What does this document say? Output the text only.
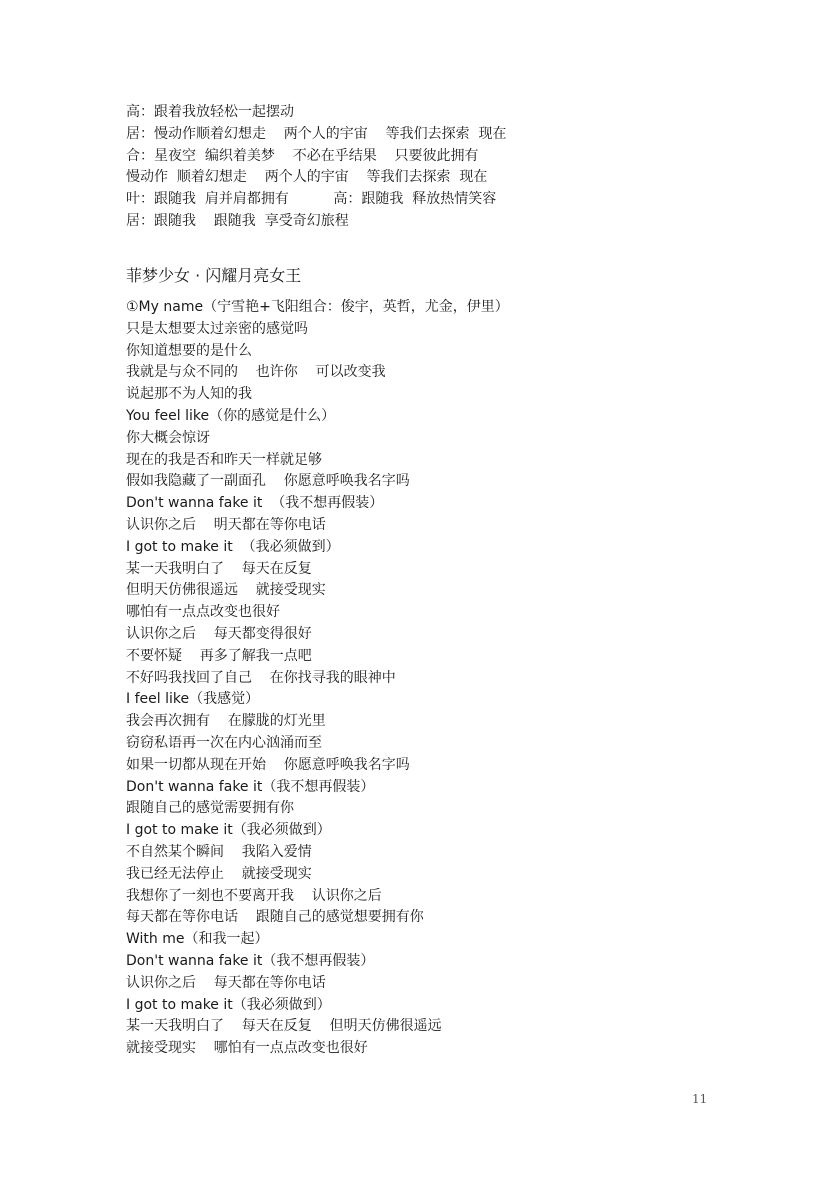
高：跟着我放轻松一起摆动
居：慢动作顺着幻想走    两个人的宇宙    等我们去探索  现在
合：星夜空  编织着美梦    不必在乎结果    只要彼此拥有
慢动作  顺着幻想走    两个人的宇宙    等我们去探索  现在
叶：跟随我  肩并肩都拥有          高：跟随我  释放热情笑容
居：跟随我    跟随我  享受奇幻旅程
菲梦少女 · 闪耀月亮女王
①My name（宁雪艳+飞阳组合：俊宇，英哲，尤金，伊里）
只是太想要太过亲密的感觉吗
你知道想要的是什么
我就是与众不同的    也许你    可以改变我
说起那不为人知的我
You feel like（你的感觉是什么）
你大概会惊讶
现在的我是否和昨天一样就足够
假如我隐藏了一副面孔    你愿意呼唤我名字吗
Don't wanna fake it  （我不想再假装）
认识你之后    明天都在等你电话
I got to make it  （我必须做到）
某一天我明白了    每天在反复
但明天仿佛很遥远    就接受现实
哪怕有一点点改变也很好
认识你之后    每天都变得很好
不要怀疑    再多了解我一点吧
不好吗我找回了自己    在你找寻我的眼神中
I feel like（我感觉）
我会再次拥有    在朦胧的灯光里
窃窃私语再一次在内心汹涌而至
如果一切都从现在开始    你愿意呼唤我名字吗
Don't wanna fake it（我不想再假装）
跟随自己的感觉需要拥有你
I got to make it（我必须做到）
不自然某个瞬间    我陷入爱情
我已经无法停止    就接受现实
我想你了一刻也不要离开我    认识你之后
每天都在等你电话    跟随自己的感觉想要拥有你
With me（和我一起）
Don't wanna fake it（我不想再假装）
认识你之后    每天都在等你电话
I got to make it（我必须做到）
某一天我明白了    每天在反复    但明天仿佛很遥远
就接受现实    哪怕有一点点改变也很好
11
